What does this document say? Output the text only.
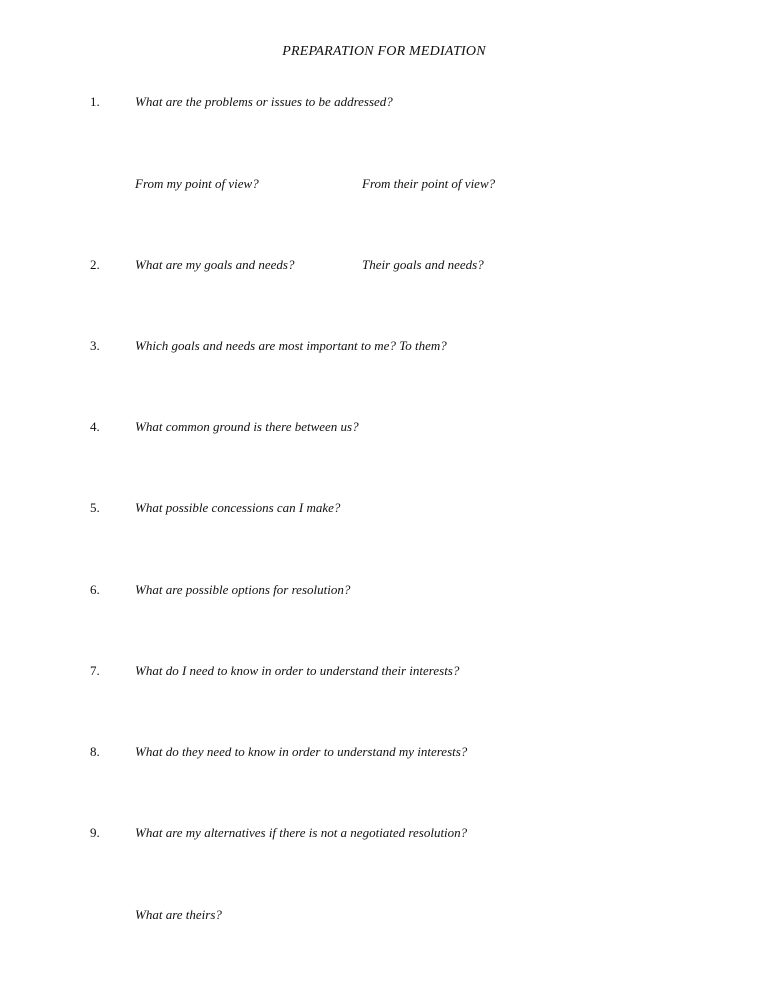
PREPARATION FOR MEDIATION
1.	What are the problems or issues to be addressed?
From my point of view?	From their point of view?
2.	What are my goals and needs?	Their goals and needs?
3.	Which goals and needs are most important to me? To them?
4.	What common ground is there between us?
5.	What possible concessions can I make?
6.	What are possible options for resolution?
7.	What do I need to know in order to understand their interests?
8.	What do they need to know in order to understand my interests?
9.	What are my alternatives if there is not a negotiated resolution?
What are theirs?
